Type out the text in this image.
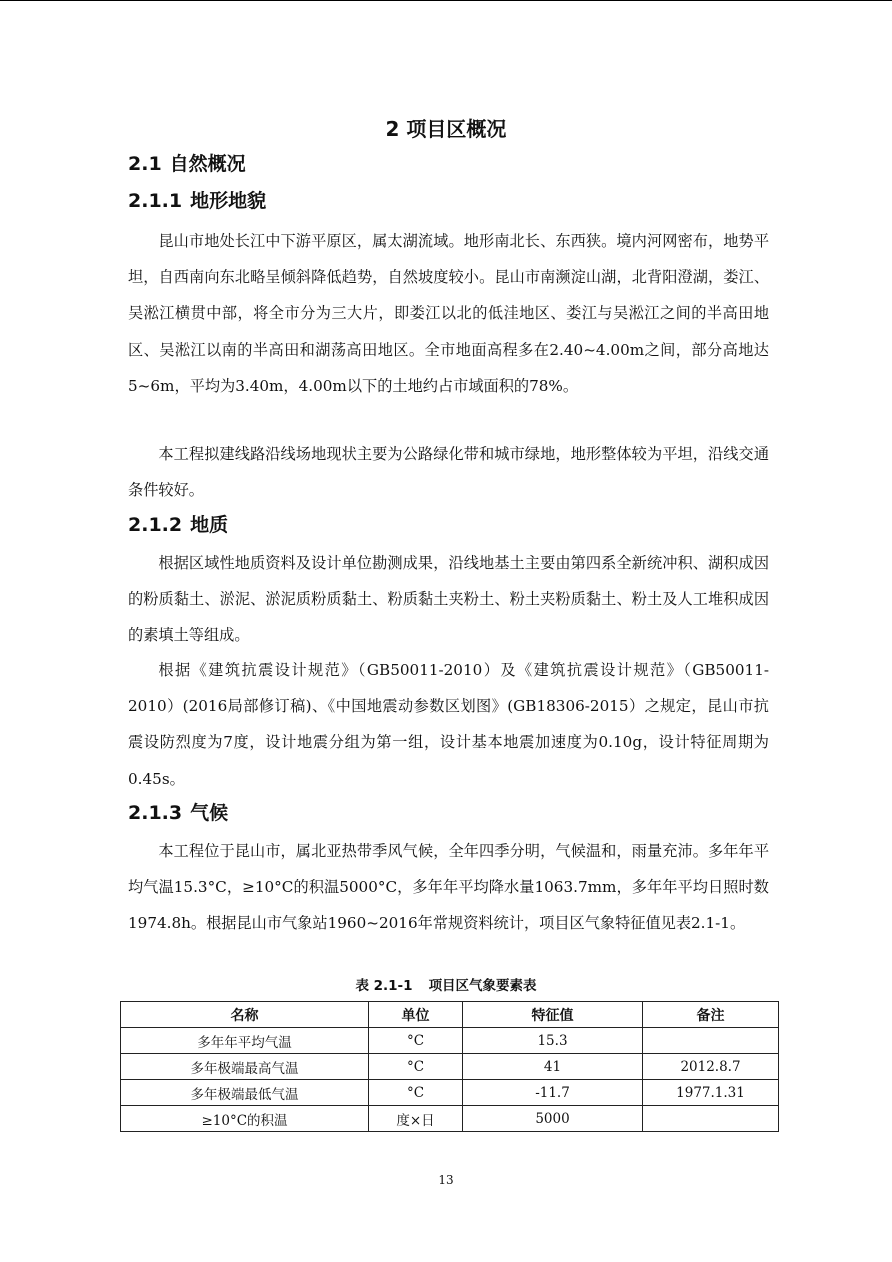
2 项目区概况
2.1 自然概况
2.1.1 地形地貌

昆山市地处长江中下游平原区，属太湖流域。地形南北长、东西狭。境内河网密布，地势平坦，自西南向东北略呈倾斜降低趋势，自然坡度较小。昆山市南濒淀山湖，北背阳澄湖，娄江、吴淞江横贯中部，将全市分为三大片，即娄江以北的低洼地区、娄江与吴淞江之间的半高田地区、吴淞江以南的半高田和湖荡高田地区。全市地面高程多在2.40~4.00m之间，部分高地达5~6m，平均为3.40m，4.00m以下的土地约占市域面积的78%。

本工程拟建线路沿线场地现状主要为公路绿化带和城市绿地，地形整体较为平坦，沿线交通条件较好。

2.1.2 地质

根据区域性地质资料及设计单位勘测成果，沿线地基土主要由第四系全新统冲积、湖积成因的粉质黏土、淤泥、淤泥质粉质黏土、粉质黏土夹粉土、粉土夹粉质黏土、粉土及人工堆积成因的素填土等组成。

根据《建筑抗震设计规范》（GB50011-2010）及《建筑抗震设计规范》（GB50011-2010）(2016局部修订稿)、《中国地震动参数区划图》(GB18306-2015）之规定，昆山市抗震设防烈度为7度，设计地震分组为第一组，设计基本地震加速度为0.10g，设计特征周期为0.45s。

2.1.3 气候

本工程位于昆山市，属北亚热带季风气候，全年四季分明，气候温和，雨量充沛。多年年平均气温15.3°C，≥10°C的积温5000°C，多年年平均降水量1063.7mm，多年年平均日照时数1974.8h。根据昆山市气象站1960~2016年常规资料统计，项目区气象特征值见表2.1-1。

表 2.1-1 项目区气象要素表
名称	单位	特征值	备注
多年年平均气温	°C	15.3	
多年极端最高气温	°C	41	2012.8.7
多年极端最低气温	°C	-11.7	1977.1.31
≥10°C的积温	度×日	5000	
13
